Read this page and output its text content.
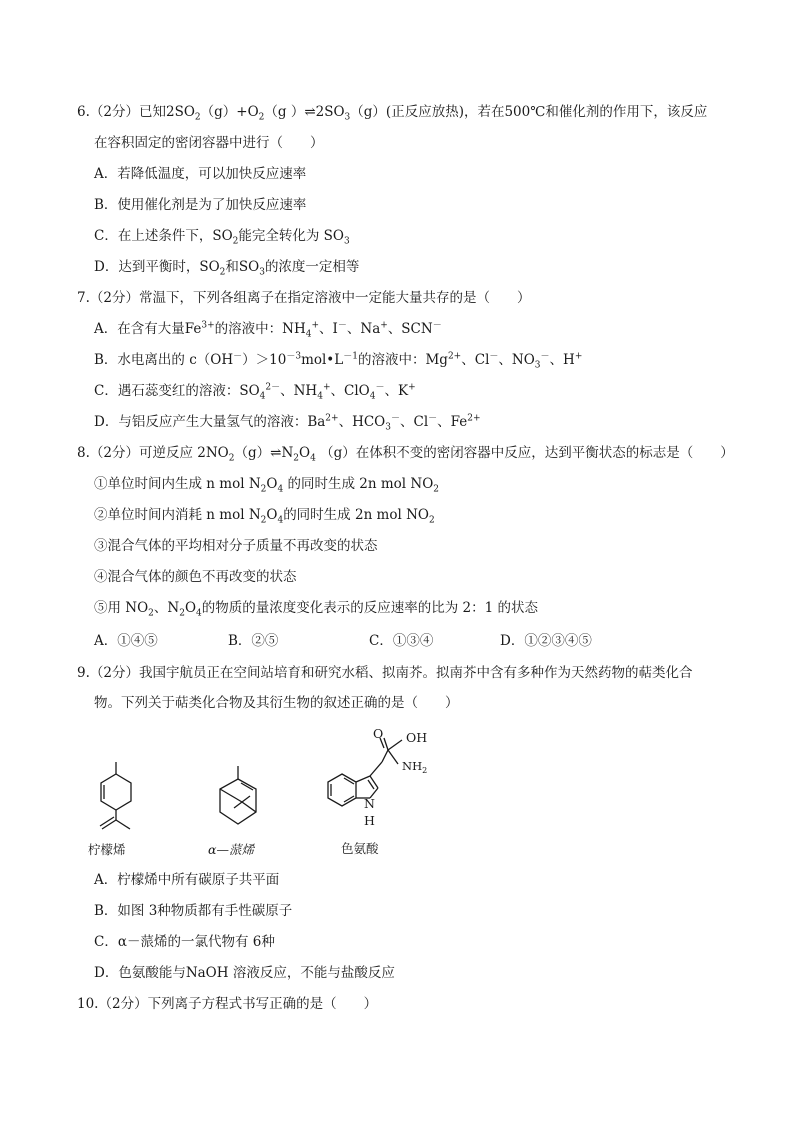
6.（2分）已知$2SO_2(g)+O_2(g$ ）$\rightleftharpoons 2SO_3(g)$(正反应放热)，若在500℃和催化剂的作用下，该反应
在容积固定的密闭容器中进行（　　）
A．若降低温度，可以加快反应速率
B．使用催化剂是为了加快反应速率
C．在上述条件下，$SO_2$能完全转化为 $SO_3$
D．达到平衡时，$SO_2$和$SO_3$的浓度一定相等
7.（2分）常温下，下列各组离子在指定溶液中一定能大量共存的是（　　）
A．在含有大量$Fe^{3+}$的溶液中：$NH_4^+$、I－、Na+、SCN－
B．水电离出的 $c(OH^-)>10^{-3}mol•L^{-1}$的溶液中：$Mg^{2+}$、Cl－、$NO_3^-$、H+
C．遇石蕊变红的溶液：$SO_4^{2-}$、$NH_4^+$、ClO$_4$－、K+
D．与铝反应产生大量氢气的溶液：$Ba^{2+}$、$HCO_3^-$、Cl－、$Fe^{2+}$
8.（2分）可逆反应 $2NO_2(g)\rightleftharpoons N_2O_4$ （g）在体积不变的密闭容器中反应，达到平衡状态的标志是（　　）
①单位时间内生成 n mol $N_2O_4$ 的同时生成 2n mol $NO_2$
②单位时间内消耗 n mol $N_2O_4$的同时生成 2n mol $NO_2$
③混合气体的平均相对分子质量不再改变的状态
④混合气体的颜色不再改变的状态
⑤用 $NO_2$、$N_2O_4$的物质的量浓度变化表示的反应速率的比为 2：1 的状态
A．①④⑤	B．②⑤	C．①③④	D．①②③④⑤
9.（2分）我国宇航员正在空间站培育和研究水稻、拟南芥。拟南芥中含有多种作为天然药物的萜类化合
物。下列关于萜类化合物及其衍生物的叙述正确的是（　　）
柠檬烯	α—蒎烯
O OH
$NH_2$
N
H
色氨酸
A．柠檬烯中所有碳原子共平面
B．如图 3种物质都有手性碳原子
C．α－蒎烯的一氯代物有 6种
D．色氨酸能与NaOH 溶液反应，不能与盐酸反应
10.（2分）下列离子方程式书写正确的是（　　）
